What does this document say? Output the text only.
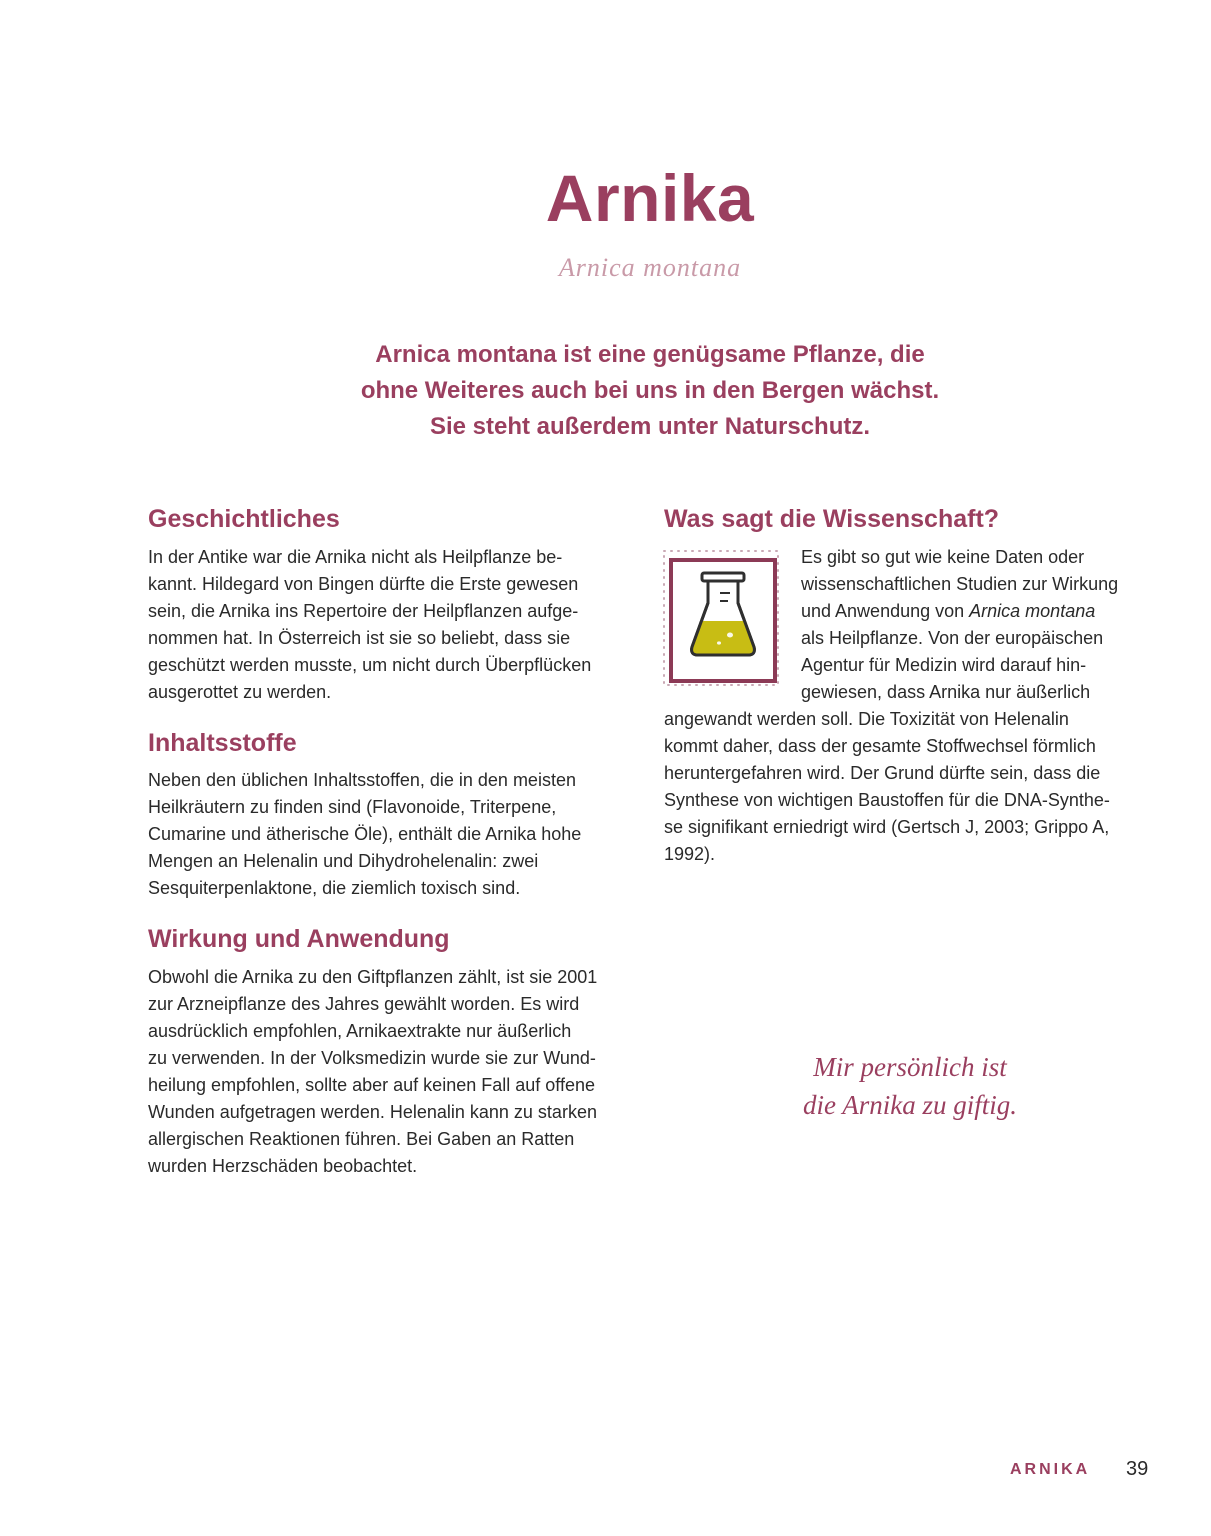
Arnika
Arnica montana
Arnica montana ist eine genügsame Pflanze, die
ohne Weiteres auch bei uns in den Bergen wächst.
Sie steht außerdem unter Naturschutz.
Geschichtliches
In der Antike war die Arnika nicht als Heilpflanze be-
kannt. Hildegard von Bingen dürfte die Erste gewesen
sein, die Arnika ins Repertoire der Heilpflanzen aufge-
nommen hat. In Österreich ist sie so beliebt, dass sie
geschützt werden musste, um nicht durch Überpflücken
ausgerottet zu werden.
Inhaltsstoffe
Neben den üblichen Inhaltsstoffen, die in den meisten
Heilkräutern zu finden sind (Flavonoide, Triterpene,
Cumarine und ätherische Öle), enthält die Arnika hohe
Mengen an Helenalin und Dihydrohelenalin: zwei
Sesquiterpenlaktone, die ziemlich toxisch sind.
Wirkung und Anwendung
Obwohl die Arnika zu den Giftpflanzen zählt, ist sie 2001
zur Arzneipflanze des Jahres gewählt worden. Es wird
ausdrücklich empfohlen, Arnikaextrakte nur äußerlich
zu verwenden. In der Volksmedizin wurde sie zur Wund-
heilung empfohlen, sollte aber auf keinen Fall auf offene
Wunden aufgetragen werden. Helenalin kann zu starken
allergischen Reaktionen führen. Bei Gaben an Ratten
wurden Herzschäden beobachtet.
Was sagt die Wissenschaft?
Es gibt so gut wie keine Daten oder
wissenschaftlichen Studien zur Wirkung
und Anwendung von Arnica montana
als Heilpflanze. Von der europäischen
Agentur für Medizin wird darauf hin-
gewiesen, dass Arnika nur äußerlich
angewandt werden soll. Die Toxizität von Helenalin
kommt daher, dass der gesamte Stoffwechsel förmlich
heruntergefahren wird. Der Grund dürfte sein, dass die
Synthese von wichtigen Baustoffen für die DNA-Synthe-
se signifikant erniedrigt wird (Gertsch J, 2003; Grippo A,
1992).
Mir persönlich ist
die Arnika zu giftig.
ARNIKA 39
